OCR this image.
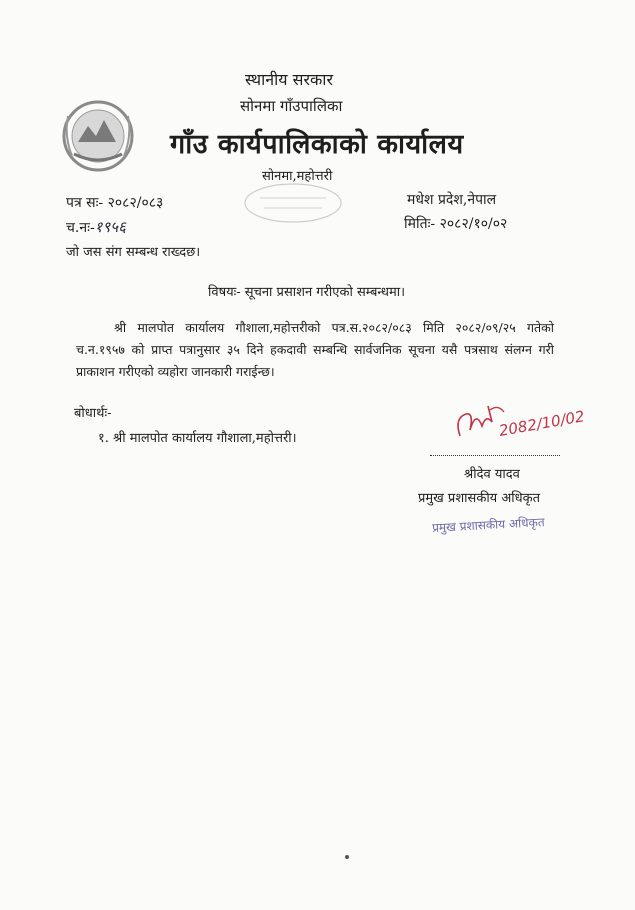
स्थानीय सरकार
सोनमा गाँउपालिका
गाँउ कार्यपालिकाको कार्यालय
सोनमा,महोत्तरी
पत्र सः- २०८२/०८३
च.नः-१९५६
जो जस संग सम्बन्ध राख्दछ।
मधेश प्रदेश,नेपाल
मितिः- २०८२/१०/०२
विषयः- सूचना प्रसाशन गरीएको सम्बन्धमा।
श्री मालपोत कार्यालय गौशाला,महोत्तरीको पत्र.स.२०८२/०८३ मिति २०८२/०९/२५ गतेको च.न.१९५७ को प्राप्त पत्रानुसार ३५ दिने हकदावी सम्बन्धि सार्वजनिक सूचना यसै पत्रसाथ संलग्न गरी प्राकाशन गरीएको व्यहोरा जानकारी गराईन्छ।
बोधार्थः-
१. श्री मालपोत कार्यालय गौशाला,महोत्तरी।	2082/10/02
श्रीदेव यादव
प्रमुख प्रशासकीय अधिकृत
प्रमुख प्रशासकीय अधिकृत
